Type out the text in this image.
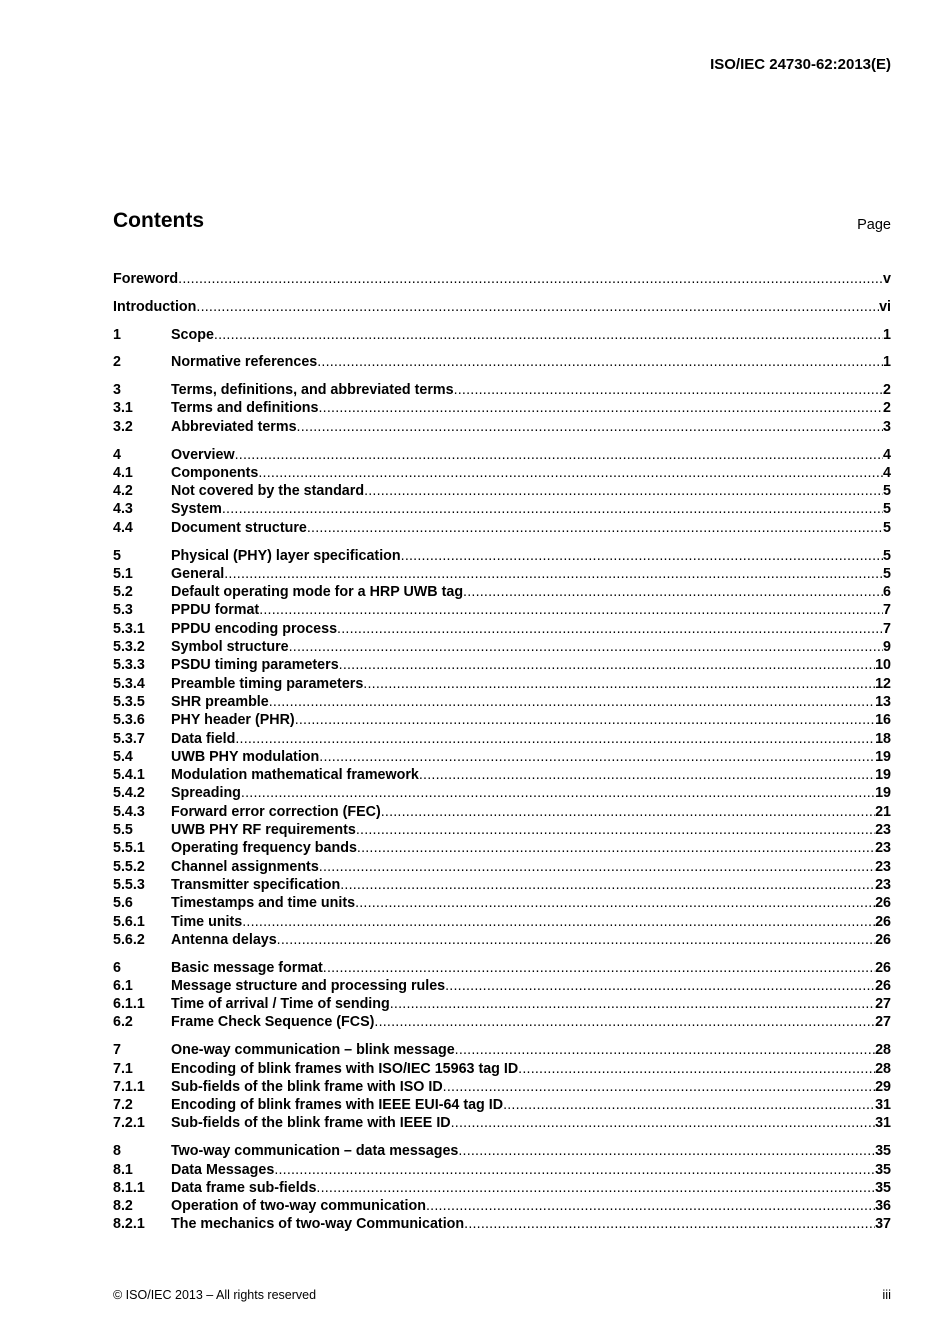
ISO/IEC 24730-62:2013(E)
Contents	Page
Foreword .....	v
Introduction .....	vi
1	Scope .....	1
2	Normative references .....	1
3	Terms, definitions, and abbreviated terms .....	2
3.1	Terms and definitions .....	2
3.2	Abbreviated terms .....	3
4	Overview .....	4
4.1	Components .....	4
4.2	Not covered by the standard .....	5
4.3	System .....	5
4.4	Document structure .....	5
5	Physical (PHY) layer specification .....	5
5.1	General .....	5
5.2	Default operating mode for a HRP UWB tag .....	6
5.3	PPDU format .....	7
5.3.1	PPDU encoding process .....	7
5.3.2	Symbol structure .....	9
5.3.3	PSDU timing parameters .....	10
5.3.4	Preamble timing parameters .....	12
5.3.5	SHR preamble .....	13
5.3.6	PHY header (PHR) .....	16
5.3.7	Data field .....	18
5.4	UWB PHY modulation .....	19
5.4.1	Modulation mathematical framework .....	19
5.4.2	Spreading .....	19
5.4.3	Forward error correction (FEC) .....	21
5.5	UWB PHY RF requirements .....	23
5.5.1	Operating frequency bands .....	23
5.5.2	Channel assignments .....	23
5.5.3	Transmitter specification .....	23
5.6	Timestamps and time units .....	26
5.6.1	Time units .....	26
5.6.2	Antenna delays .....	26
6	Basic message format .....	26
6.1	Message structure and processing rules .....	26
6.1.1	Time of arrival / Time of sending .....	27
6.2	Frame Check Sequence (FCS) .....	27
7	One-way communication – blink message .....	28
7.1	Encoding of blink frames with ISO/IEC 15963 tag ID .....	28
7.1.1	Sub-fields of the blink frame with ISO ID .....	29
7.2	Encoding of blink frames with IEEE EUI-64 tag ID .....	31
7.2.1	Sub-fields of the blink frame with IEEE ID .....	31
8	Two-way communication – data messages .....	35
8.1	Data Messages .....	35
8.1.1	Data frame sub-fields .....	35
8.2	Operation of two-way communication .....	36
8.2.1	The mechanics of two-way Communication .....	37
© ISO/IEC 2013 – All rights reserved	iii
